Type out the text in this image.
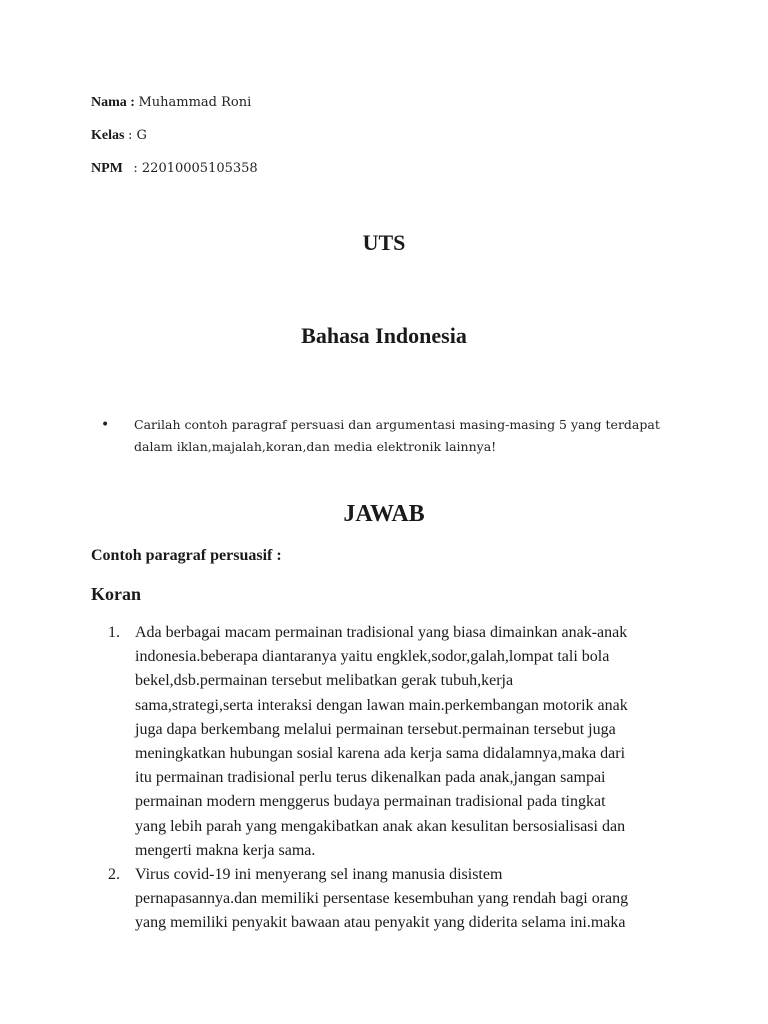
Nama : Muhammad Roni
Kelas : G
NPM : 22010005105358
UTS
Bahasa Indonesia
•	Carilah contoh paragraf persuasi dan argumentasi masing-masing 5 yang terdapat dalam iklan,majalah,koran,dan media elektronik lainnya!
JAWAB
Contoh paragraf persuasif :
Koran
1. Ada berbagai macam permainan tradisional yang biasa dimainkan anak-anak
indonesia.beberapa diantaranya yaitu engklek,sodor,galah,lompat tali bola
bekel,dsb.permainan tersebut melibatkan gerak tubuh,kerja
sama,strategi,serta interaksi dengan lawan main.perkembangan motorik anak
juga dapa berkembang melalui permainan tersebut.permainan tersebut juga
meningkatkan hubungan sosial karena ada kerja sama didalamnya,maka dari
itu permainan tradisional perlu terus dikenalkan pada anak,jangan sampai
permainan modern menggerus budaya permainan tradisional pada tingkat
yang lebih parah yang mengakibatkan anak akan kesulitan bersosialisasi dan
mengerti makna kerja sama.
2. Virus covid-19 ini menyerang sel inang manusia disistem
pernapasannya.dan memiliki persentase kesembuhan yang rendah bagi orang
yang memiliki penyakit bawaan atau penyakit yang diderita selama ini.maka
